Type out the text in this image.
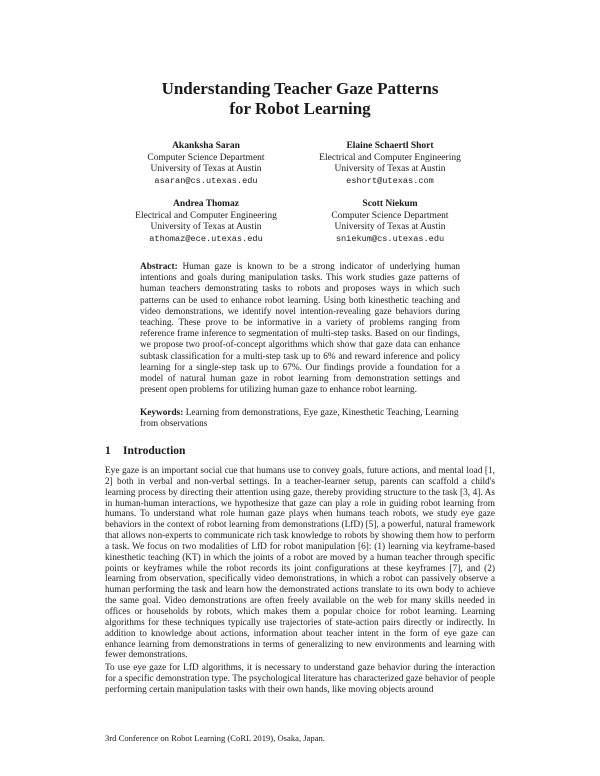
Understanding Teacher Gaze Patterns
for Robot Learning
Akanksha Saran
Computer Science Department
University of Texas at Austin
asaran@cs.utexas.edu
Elaine Schaertl Short
Electrical and Computer Engineering
University of Texas at Austin
eshort@utexas.com
Andrea Thomaz
Electrical and Computer Engineering
University of Texas at Austin
athomaz@ece.utexas.edu
Scott Niekum
Computer Science Department
University of Texas at Austin
sniekum@cs.utexas.edu
Abstract: Human gaze is known to be a strong indicator of underlying human intentions and goals during manipulation tasks. This work studies gaze patterns of human teachers demonstrating tasks to robots and proposes ways in which such patterns can be used to enhance robot learning. Using both kinesthetic teaching and video demonstrations, we identify novel intention-revealing gaze behaviors during teaching. These prove to be informative in a variety of problems ranging from reference frame inference to segmentation of multi-step tasks. Based on our findings, we propose two proof-of-concept algorithms which show that gaze data can enhance subtask classification for a multi-step task up to 6% and reward inference and policy learning for a single-step task up to 67%. Our findings provide a foundation for a model of natural human gaze in robot learning from demonstration settings and present open problems for utilizing human gaze to enhance robot learning.
Keywords: Learning from demonstrations, Eye gaze, Kinesthetic Teaching, Learning from observations
1 Introduction
Eye gaze is an important social cue that humans use to convey goals, future actions, and mental load [1, 2] both in verbal and non-verbal settings. In a teacher-learner setup, parents can scaffold a child's learning process by directing their attention using gaze, thereby providing structure to the task [3, 4]. As in human-human interactions, we hypothesize that gaze can play a role in guiding robot learning from humans. To understand what role human gaze plays when humans teach robots, we study eye gaze behaviors in the context of robot learning from demonstrations (LfD) [5], a powerful, natural framework that allows non-experts to communicate rich task knowledge to robots by showing them how to perform a task. We focus on two modalities of LfD for robot manipulation [6]: (1) learning via keyframe-based kinesthetic teaching (KT) in which the joints of a robot are moved by a human teacher through specific points or keyframes while the robot records its joint configurations at these keyframes [7], and (2) learning from observation, specifically video demonstrations, in which a robot can passively observe a human performing the task and learn how the demonstrated actions translate to its own body to achieve the same goal. Video demonstrations are often freely available on the web for many skills needed in offices or households by robots, which makes them a popular choice for robot learning. Learning algorithms for these techniques typically use trajectories of state-action pairs directly or indirectly. In addition to knowledge about actions, information about teacher intent in the form of eye gaze can enhance learning from demonstrations in terms of generalizing to new environments and learning with fewer demonstrations.
To use eye gaze for LfD algorithms, it is necessary to understand gaze behavior during the interaction for a specific demonstration type. The psychological literature has characterized gaze behavior of people performing certain manipulation tasks with their own hands, like moving objects around
3rd Conference on Robot Learning (CoRL 2019), Osaka, Japan.
